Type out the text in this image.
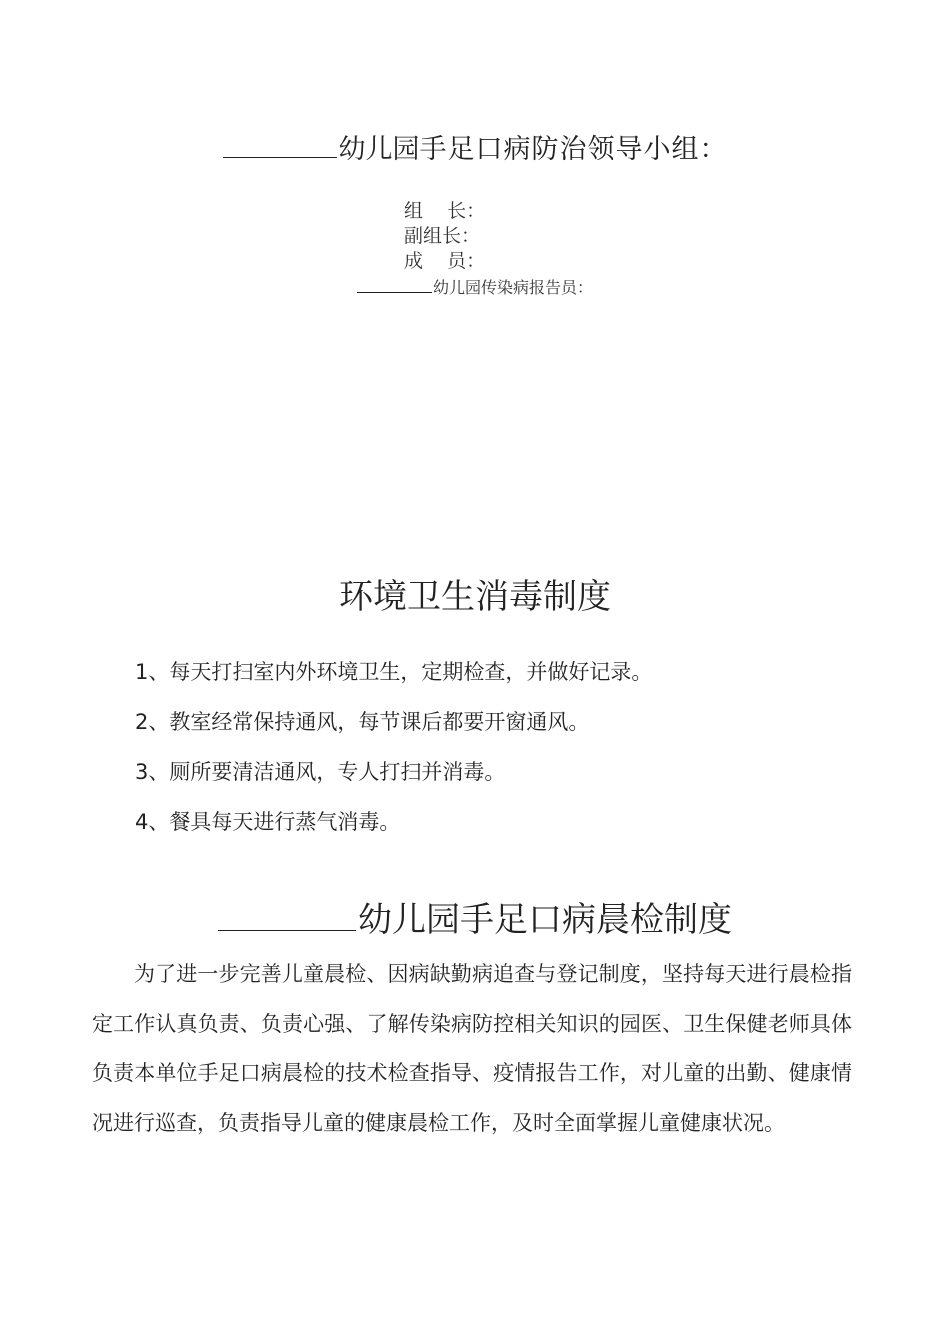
幼儿园手足口病防治领导小组：
组    长：
副组长：
成    员：
幼儿园传染病报告员：
环境卫生消毒制度
1、每天打扫室内外环境卫生，定期检查，并做好记录。
2、教室经常保持通风，每节课后都要开窗通风。
3、厕所要清洁通风，专人打扫并消毒。
4、餐具每天进行蒸气消毒。
幼儿园手足口病晨检制度
为了进一步完善儿童晨检、因病缺勤病追查与登记制度，坚持每天进行晨检指定工作认真负责、负责心强、了解传染病防控相关知识的园医、卫生保健老师具体负责本单位手足口病晨检的技术检查指导、疫情报告工作，对儿童的出勤、健康情况进行巡查，负责指导儿童的健康晨检工作，及时全面掌握儿童健康状况。
